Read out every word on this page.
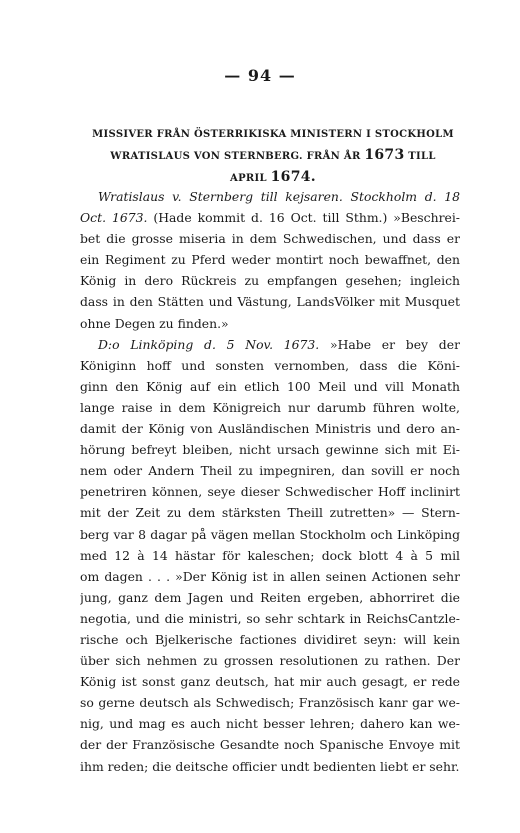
— 94 —
MISSIVER FRÅN ÖSTERRIKISKA MINISTERN I STOCKHOLM
WRATISLAUS VON STERNBERG. FRÅN ÅR 1673 TILL
APRIL 1674.
Wratislaus v. Sternberg till kejsaren. Stockholm d. 18
Oct. 1673. (Hade kommit d. 16 Oct. till Sthm.) »Beschrei-
bet die grosse miseria in dem Schwedischen, und dass er
ein Regiment zu Pferd weder montirt noch bewaffnet, den
König in dero Rückreis zu empfangen gesehen; ingleich
dass in den Stätten und Västung, LandsVölker mit Musquet
ohne Degen zu finden.»
D:o Linköping d. 5 Nov. 1673. »Habe er bey der
Königinn hoff und sonsten vernomben, dass die Köni-
ginn den König auf ein etlich 100 Meil und vill Monath
lange raise in dem Königreich nur darumb führen wolte,
damit der König von Ausländischen Ministris und dero an-
hörung befreyt bleiben, nicht ursach gewinne sich mit Ei-
nem oder Andern Theil zu impegniren, dan sovill er noch
penetriren können, seye dieser Schwedischer Hoff inclinirt
mit der Zeit zu dem stärksten Theill zutretten» — Stern-
berg var 8 dagar på vägen mellan Stockholm och Linköping
med 12 à 14 hästar för kaleschen; dock blott 4 à 5 mil
om dagen . . . »Der König ist in allen seinen Actionen sehr
jung, ganz dem Jagen und Reiten ergeben, abhorriret die
negotia, und die ministri, so sehr schtark in ReichsCantzle-
rische och Bjelkerische factiones dividiret seyn: will kein
über sich nehmen zu grossen resolutionen zu rathen. Der
König ist sonst ganz deutsch, hat mir auch gesagt, er rede
so gerne deutsch als Schwedisch; Französisch kanr gar we-
nig, und mag es auch nicht besser lehren; dahero kan we-
der der Französische Gesandte noch Spanische Envoye mit
ihm reden; die deitsche officier undt bedienten liebt er sehr.
